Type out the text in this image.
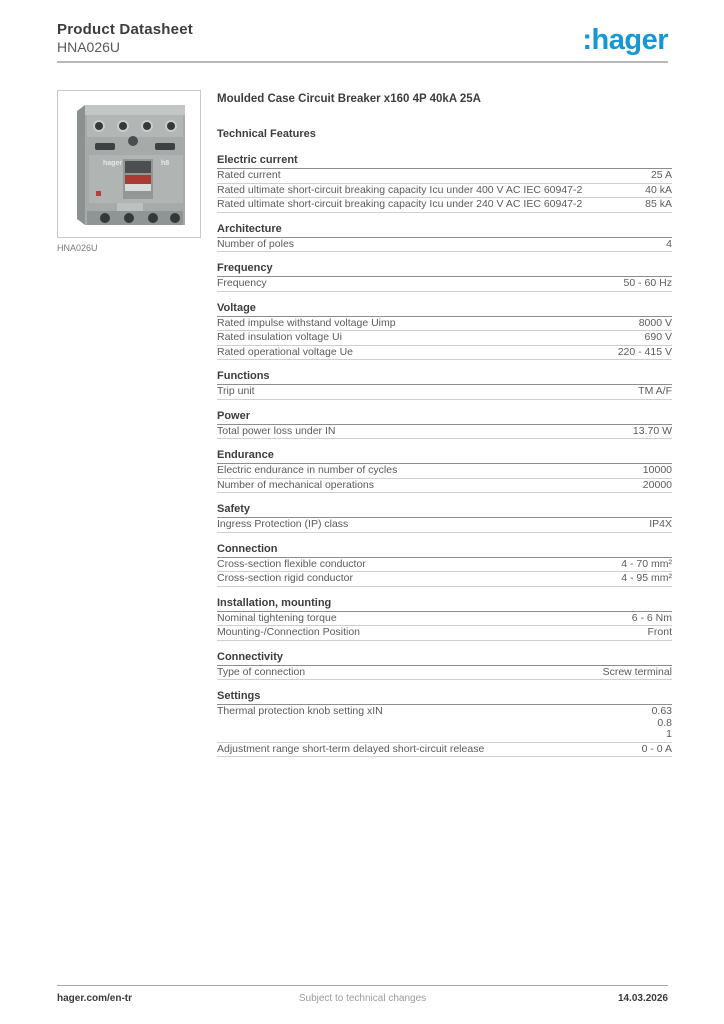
Product Datasheet
HNA026U	:hager
hager	h8
HNA026U
Moulded Case Circuit Breaker x160 4P 40kA 25A
Technical Features
Electric current
Rated current	25 A
Rated ultimate short-circuit breaking capacity Icu under 400 V AC IEC 60947-2	40 kA
Rated ultimate short-circuit breaking capacity Icu under 240 V AC IEC 60947-2	85 kA
Architecture
Number of poles	4
Frequency
Frequency	50 - 60 Hz
Voltage
Rated impulse withstand voltage Uimp	8000 V
Rated insulation voltage Ui	690 V
Rated operational voltage Ue	220 - 415 V
Functions
Trip unit	TM A/F
Power
Total power loss under IN	13.70 W
Endurance
Electric endurance in number of cycles	10000
Number of mechanical operations	20000
Safety
Ingress Protection (IP) class	IP4X
Connection
Cross-section flexible conductor	4 - 70 mm²
Cross-section rigid conductor	4 - 95 mm²
Installation, mounting
Nominal tightening torque	6 - 6 Nm
Mounting-/Connection Position	Front
Connectivity
Type of connection	Screw terminal
Settings
Thermal protection knob setting xIN	0.63
0.8
1
Adjustment range short-term delayed short-circuit release	0 - 0 A
hager.com/en-tr	Subject to technical changes	14.03.2026
